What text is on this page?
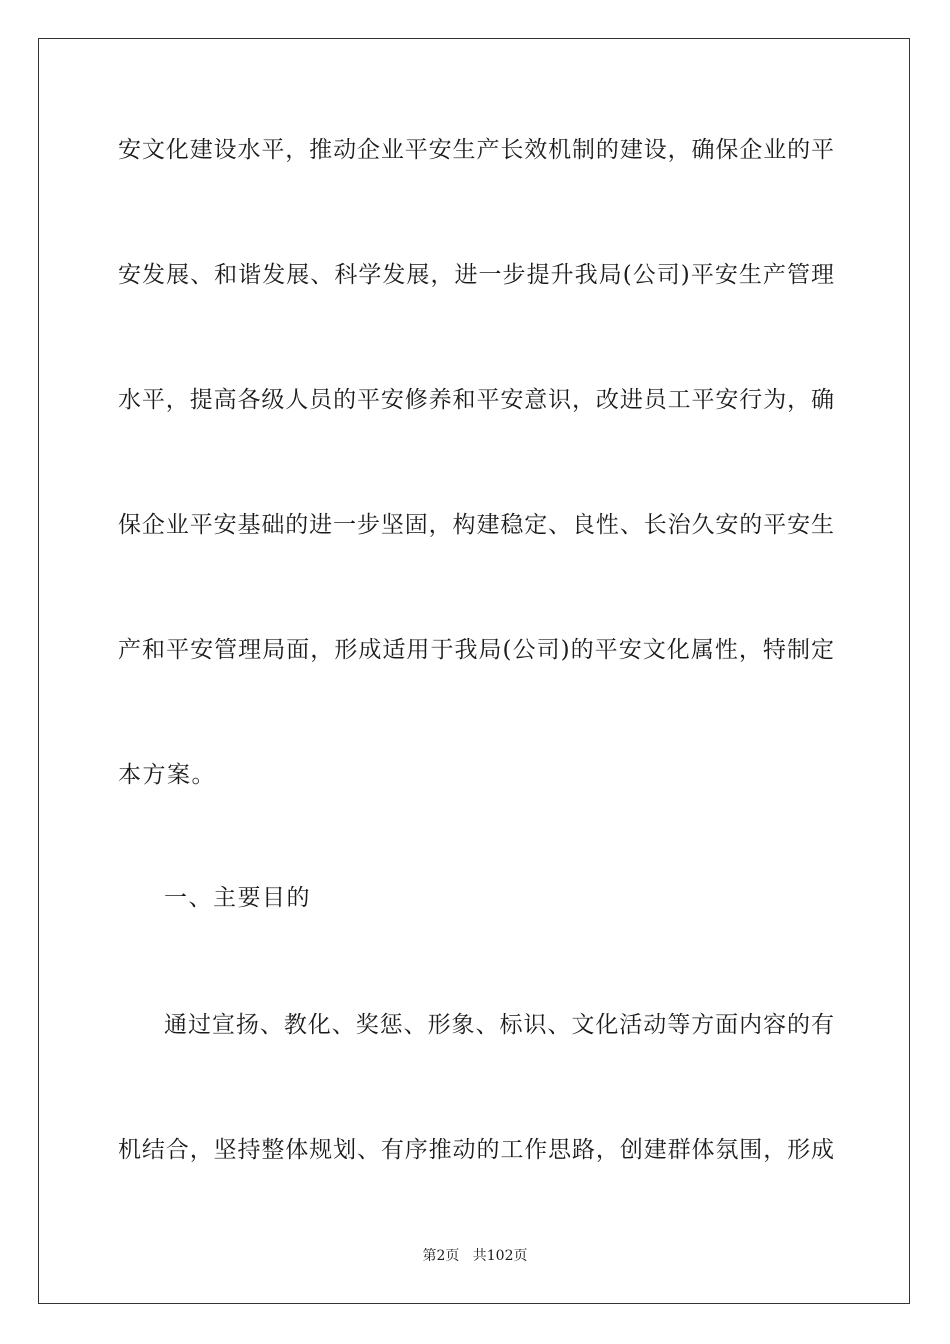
安文化建设水平，推动企业平安生产长效机制的建设，确保企业的平
安发展、和谐发展、科学发展，进一步提升我局(公司)平安生产管理
水平，提高各级人员的平安修养和平安意识，改进员工平安行为，确
保企业平安基础的进一步坚固，构建稳定、良性、长治久安的平安生
产和平安管理局面，形成适用于我局(公司)的平安文化属性，特制定
本方案。
一、主要目的
通过宣扬、教化、奖惩、形象、标识、文化活动等方面内容的有
机结合，坚持整体规划、有序推动的工作思路，创建群体氛围，形成
第2页 共102页
